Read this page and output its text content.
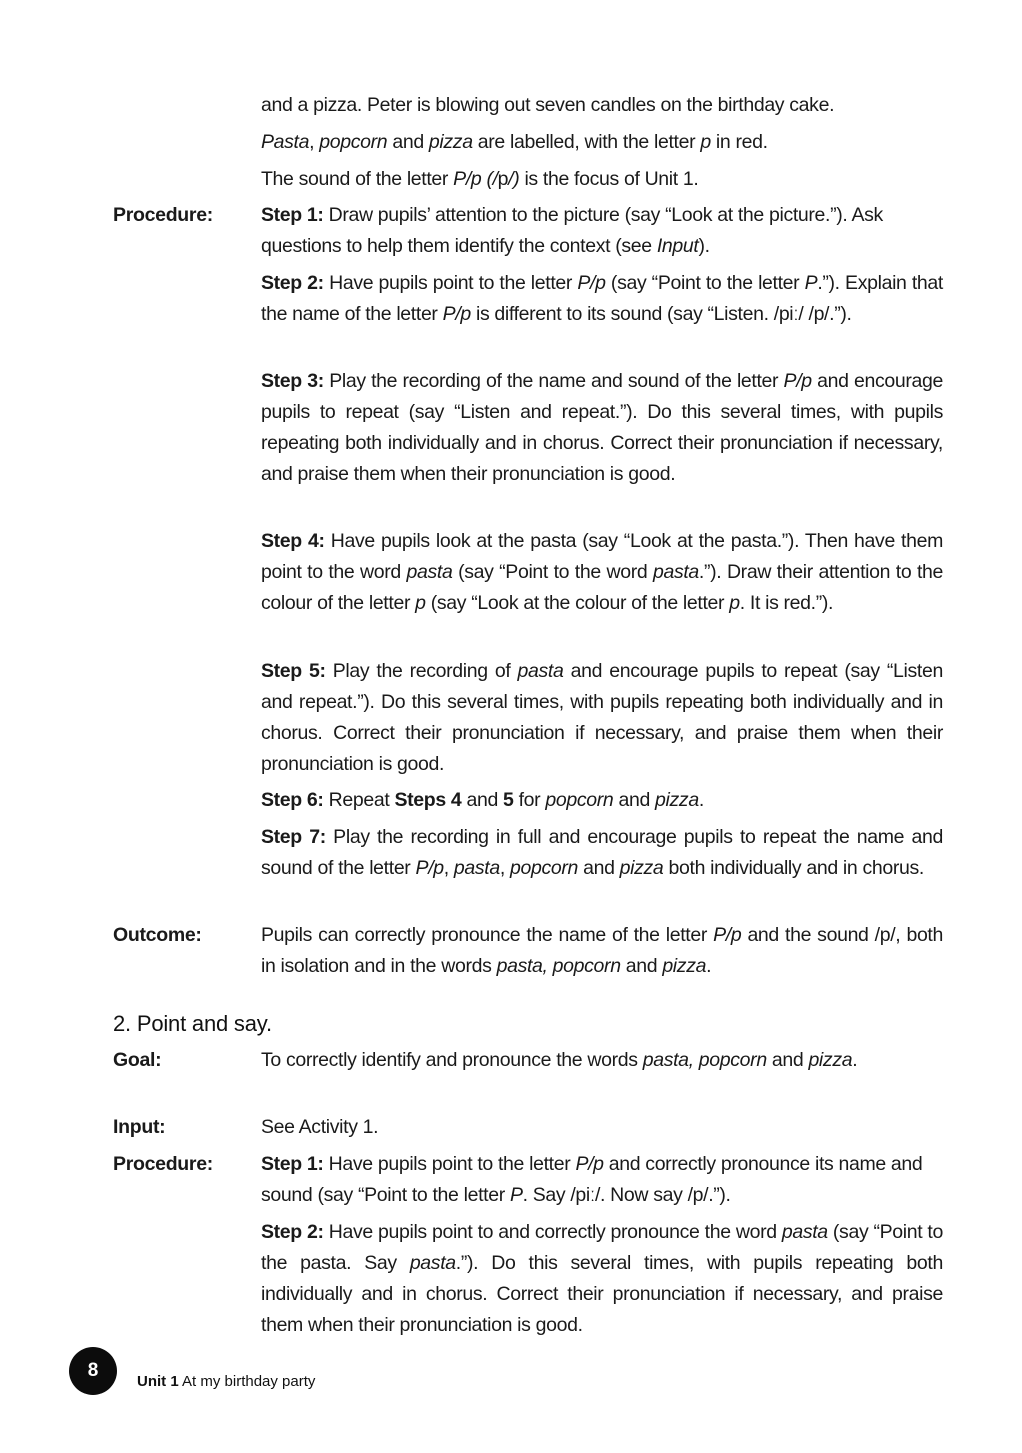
and a pizza. Peter is blowing out seven candles on the birthday cake.
Pasta, popcorn and pizza are labelled, with the letter p in red.
The sound of the letter P/p (/p/) is the focus of Unit 1.
Procedure:	Step 1: Draw pupils’ attention to the picture (say “Look at the picture.”). Ask questions to help them identify the context (see Input).
Step 2: Have pupils point to the letter P/p (say “Point to the letter P.”). Explain that the name of the letter P/p is different to its sound (say “Listen. /piː/ /p/.”).
Step 3: Play the recording of the name and sound of the letter P/p and encourage pupils to repeat (say “Listen and repeat.”). Do this several times, with pupils repeating both individually and in chorus. Correct their pronunciation if necessary, and praise them when their pronunciation is good.
Step 4: Have pupils look at the pasta (say “Look at the pasta.”). Then have them point to the word pasta (say “Point to the word pasta.”). Draw their attention to the colour of the letter p (say “Look at the colour of the letter p. It is red.”).
Step 5: Play the recording of pasta and encourage pupils to repeat (say “Listen and repeat.”). Do this several times, with pupils repeating both individually and in chorus. Correct their pronunciation if necessary, and praise them when their pronunciation is good.
Step 6: Repeat Steps 4 and 5 for popcorn and pizza.
Step 7: Play the recording in full and encourage pupils to repeat the name and sound of the letter P/p, pasta, popcorn and pizza both individually and in chorus.
Outcome:	Pupils can correctly pronounce the name of the letter P/p and the sound /p/, both in isolation and in the words pasta, popcorn and pizza.
2. Point and say.
Goal:	To correctly identify and pronounce the words pasta, popcorn and pizza.
Input:	See Activity 1.
Procedure:	Step 1: Have pupils point to the letter P/p and correctly pronounce its name and sound (say “Point to the letter P. Say /piː/. Now say /p/.”).
Step 2: Have pupils point to and correctly pronounce the word pasta (say “Point to the pasta. Say pasta.”). Do this several times, with pupils repeating both individually and in chorus. Correct their pronunciation if necessary, and praise them when their pronunciation is good.
8
Unit 1 At my birthday party
